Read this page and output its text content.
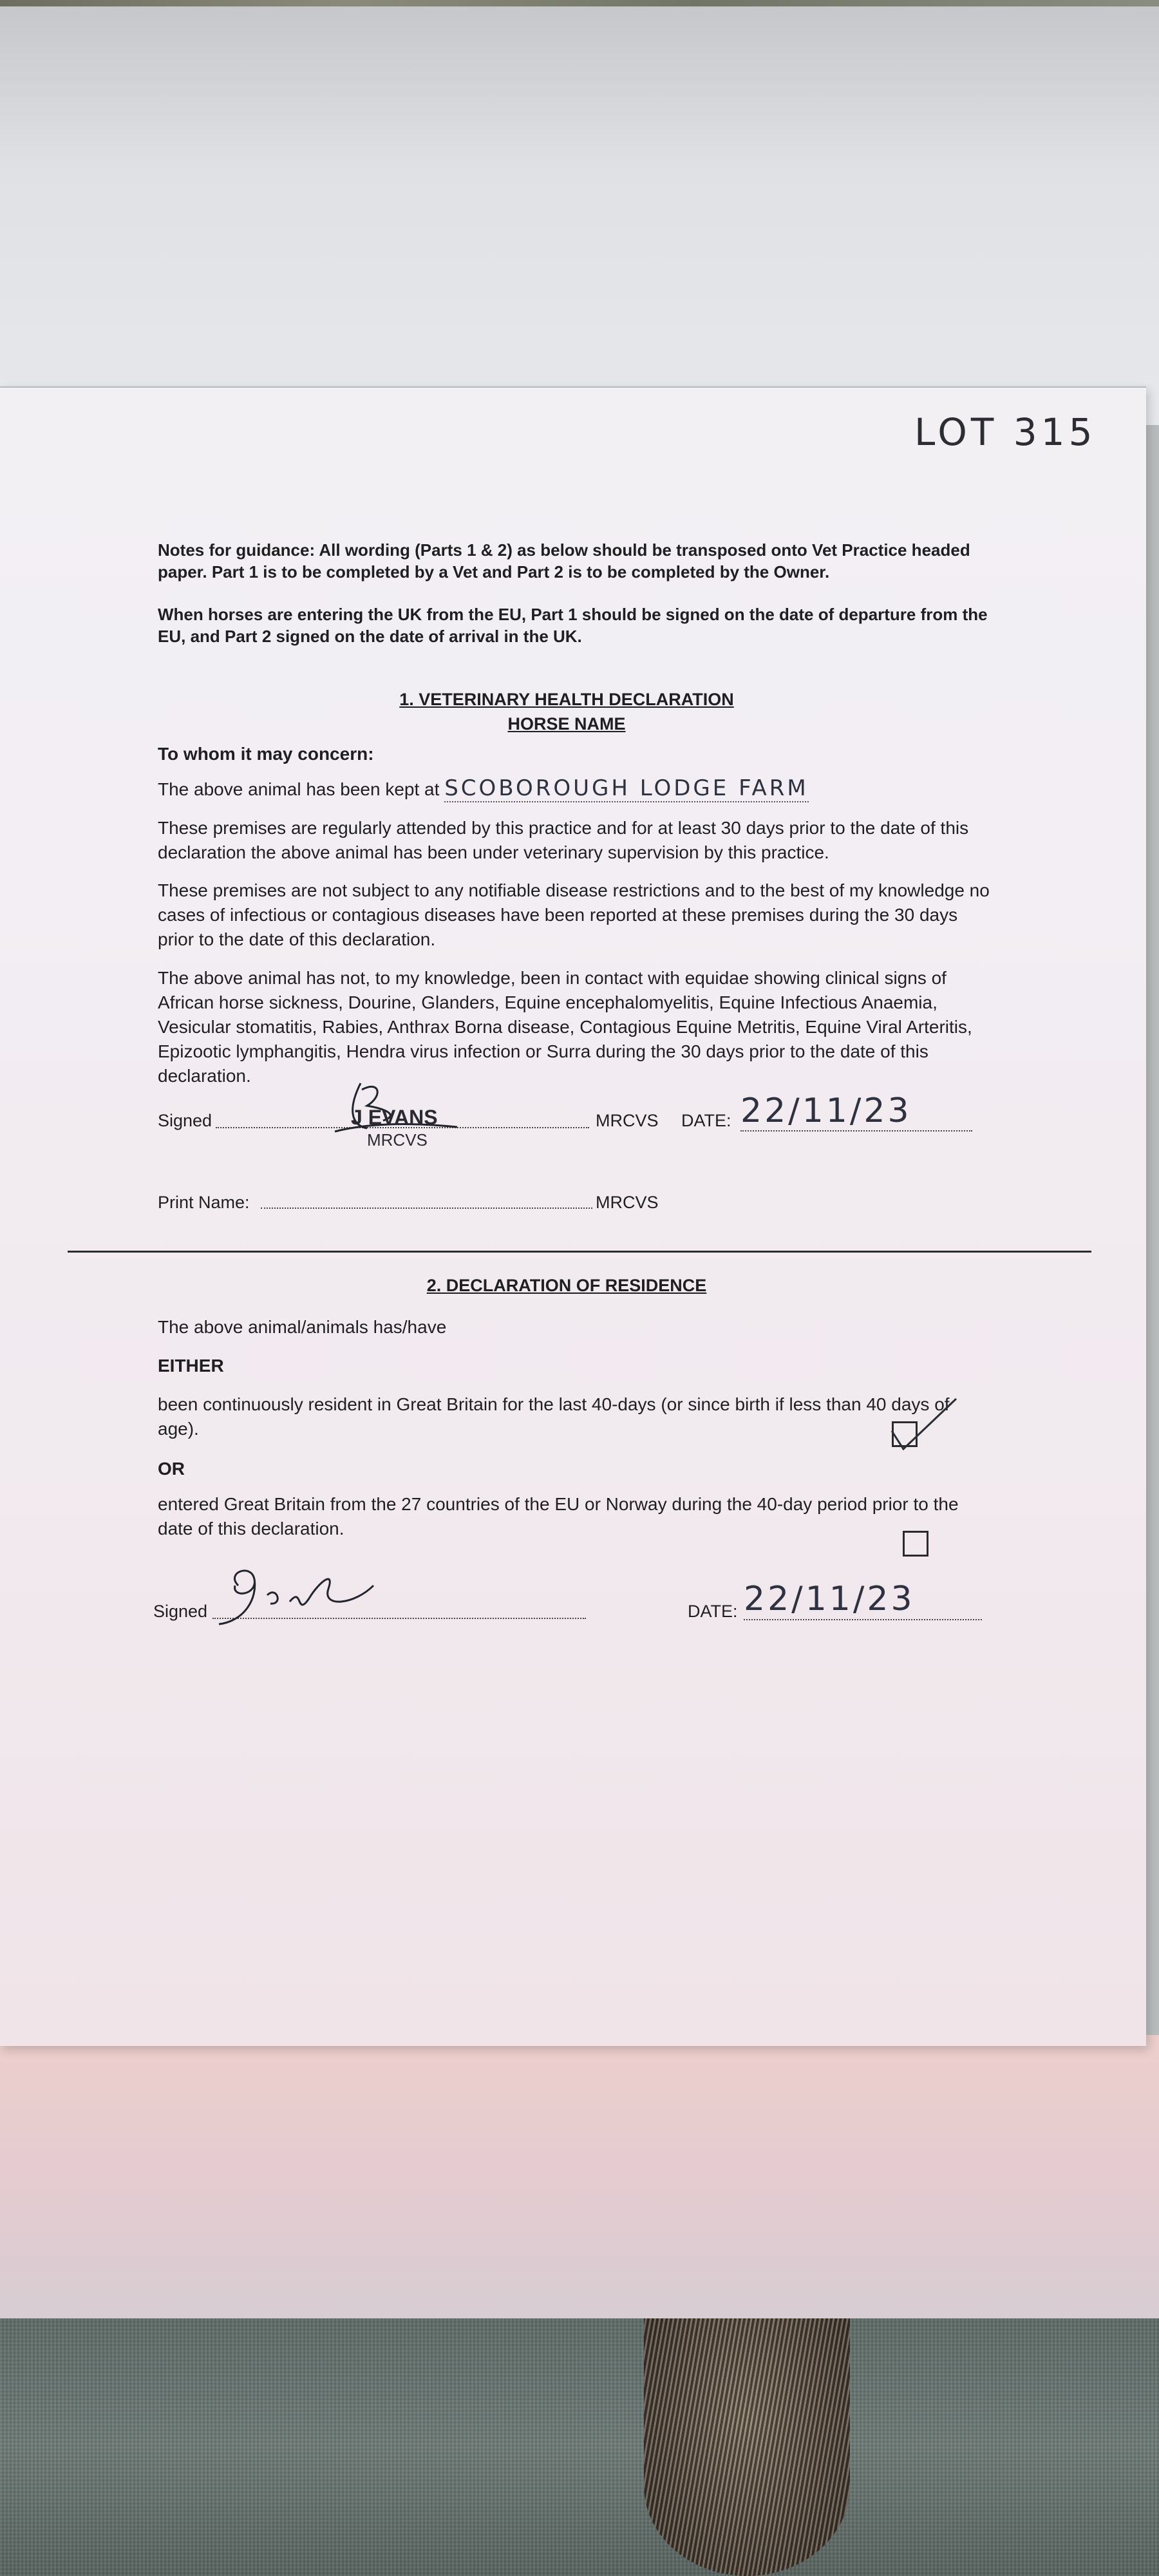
LOT 315
Notes for guidance: All wording (Parts 1 & 2) as below should be transposed onto Vet Practice headed paper. Part 1 is to be completed by a Vet and Part 2 is to be completed by the Owner.
When horses are entering the UK from the EU, Part 1 should be signed on the date of departure from the EU, and Part 2 signed on the date of arrival in the UK.
1. VETERINARY HEALTH DECLARATION
HORSE NAME
To whom it may concern:
The above animal has been kept at SCOBOROUGH LODGE FARM
These premises are regularly attended by this practice and for at least 30 days prior to the date of this declaration the above animal has been under veterinary supervision by this practice.
These premises are not subject to any notifiable disease restrictions and to the best of my knowledge no cases of infectious or contagious diseases have been reported at these premises during the 30 days prior to the date of this declaration.
The above animal has not, to my knowledge, been in contact with equidae showing clinical signs of African horse sickness, Dourine, Glanders, Equine encephalomyelitis, Equine Infectious Anaemia, Vesicular stomatitis, Rabies, Anthrax Borna disease, Contagious Equine Metritis, Equine Viral Arteritis, Epizootic lymphangitis, Hendra virus infection or Surra during the 30 days prior to the date of this declaration.
Signed	J EVANS
MRCVS
MRCVS DATE: 22/11/23
Print Name:	MRCVS
2. DECLARATION OF RESIDENCE
The above animal/animals has/have
EITHER
been continuously resident in Great Britain for the last 40-days (or since birth if less than 40 days of age).
OR
entered Great Britain from the 27 countries of the EU or Norway during the 40-day period prior to the date of this declaration.
Signed	DATE: 22/11/23
